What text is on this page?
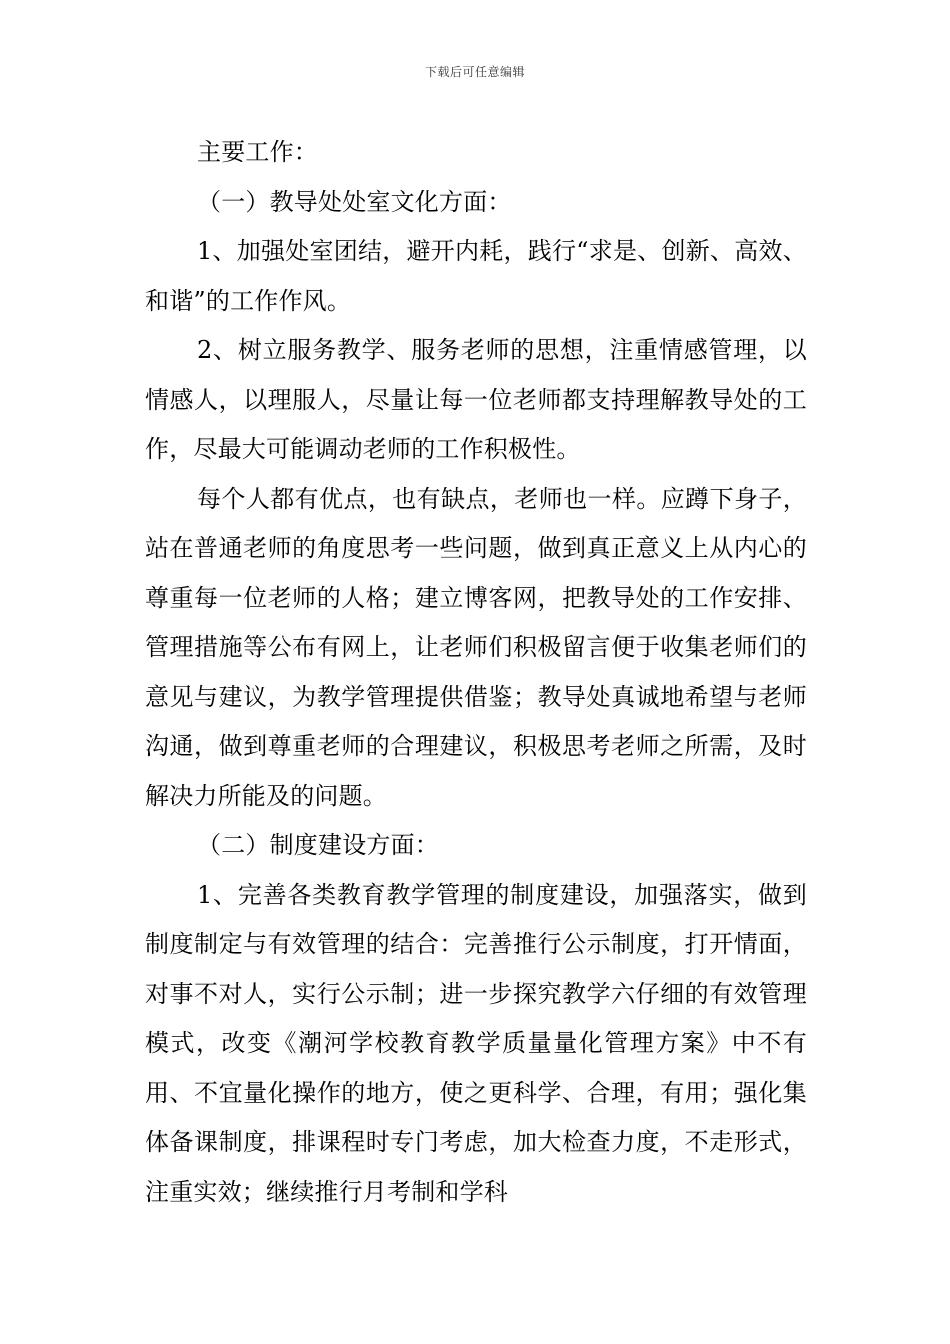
下载后可任意编辑

主要工作：

（一）教导处处室文化方面：

1、加强处室团结，避开内耗，践行“求是、创新、高效、和谐”的工作作风。

2、树立服务教学、服务老师的思想，注重情感管理，以情感人，以理服人，尽量让每一位老师都支持理解教导处的工作，尽最大可能调动老师的工作积极性。

每个人都有优点，也有缺点，老师也一样。应蹲下身子，站在普通老师的角度思考一些问题，做到真正意义上从内心的尊重每一位老师的人格；建立博客网，把教导处的工作安排、管理措施等公布有网上，让老师们积极留言便于收集老师们的意见与建议，为教学管理提供借鉴；教导处真诚地希望与老师沟通，做到尊重老师的合理建议，积极思考老师之所需，及时解决力所能及的问题。

（二）制度建设方面：

1、完善各类教育教学管理的制度建设，加强落实，做到制度制定与有效管理的结合：完善推行公示制度，打开情面，对事不对人，实行公示制；进一步探究教学六仔细的有效管理模式，改变《潮河学校教育教学质量量化管理方案》中不有用、不宜量化操作的地方，使之更科学、合理，有用；强化集体备课制度，排课程时专门考虑，加大检查力度，不走形式，注重实效；继续推行月考制和学科
